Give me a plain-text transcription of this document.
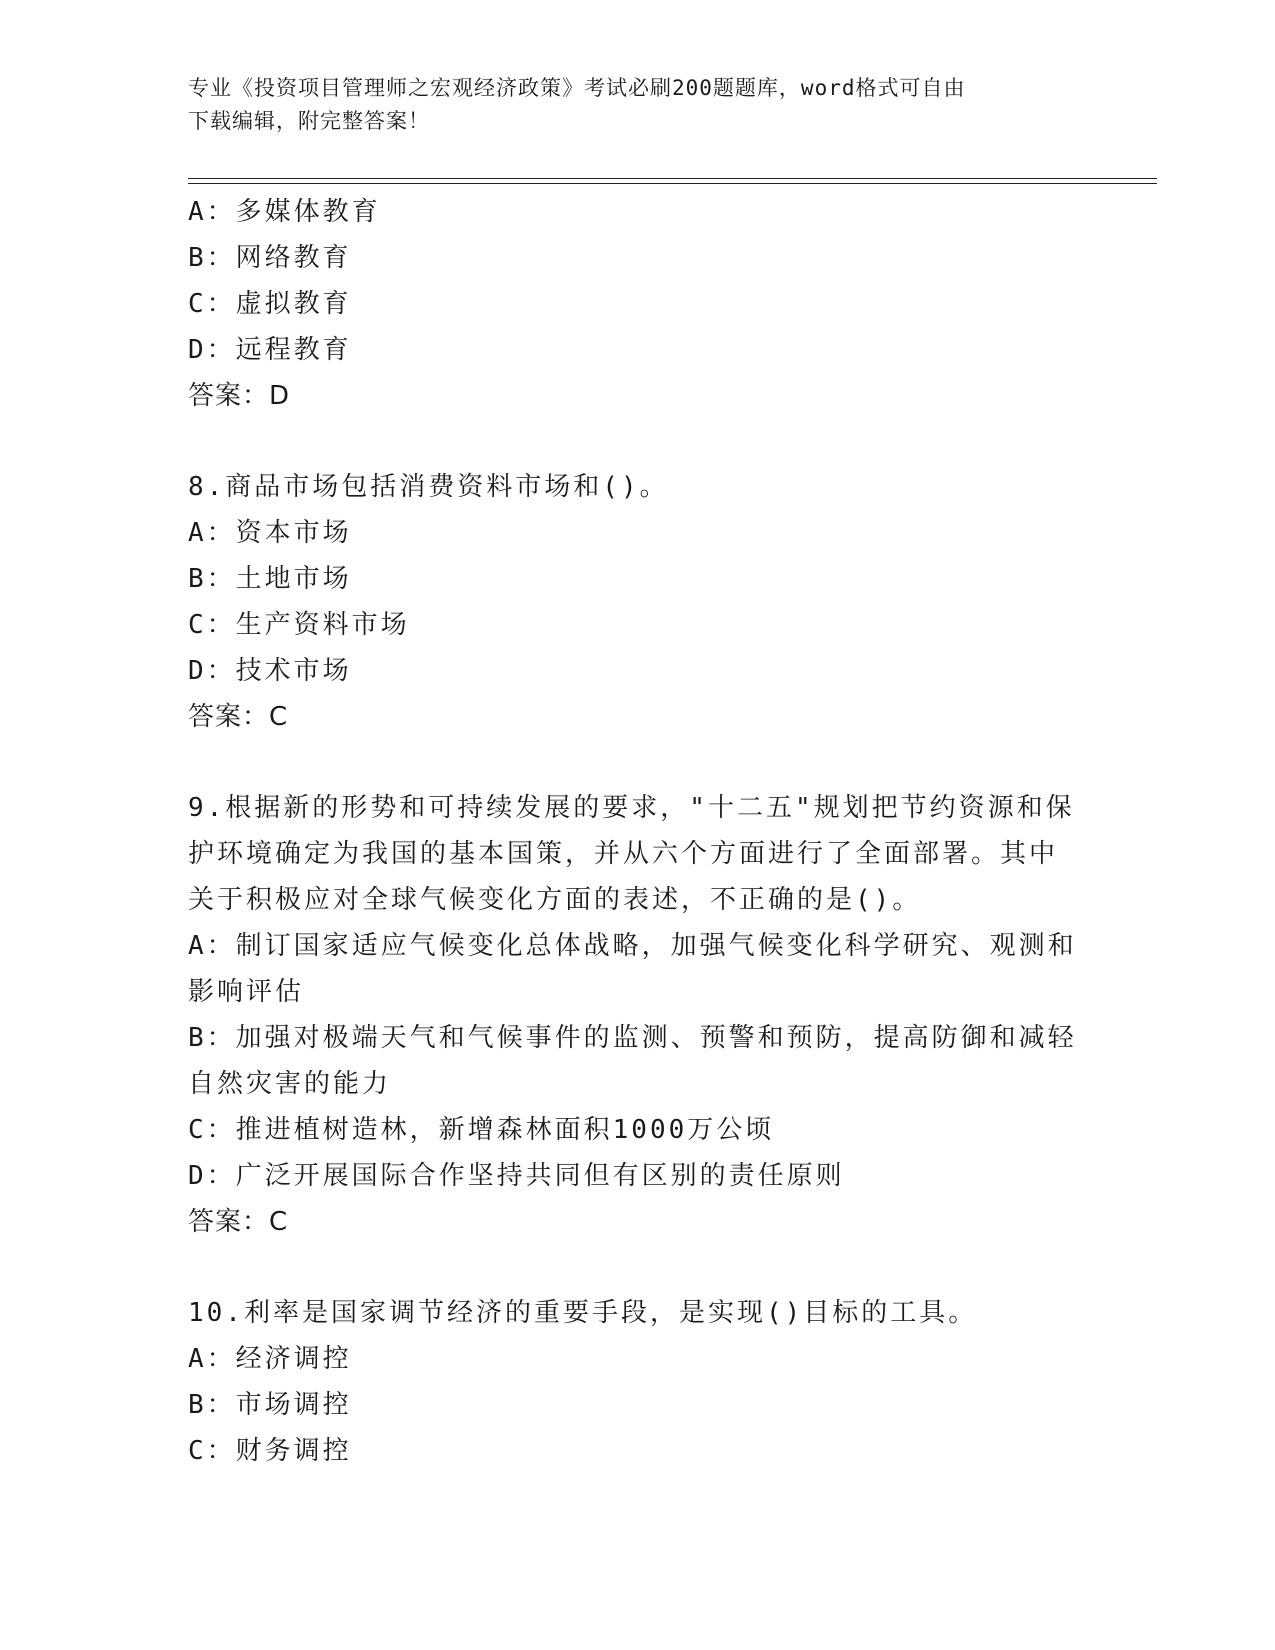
专业《投资项目管理师之宏观经济政策》考试必刷200题题库，word格式可自由
下载编辑，附完整答案！
A：多媒体教育
B：网络教育
C：虚拟教育
D：远程教育
答案：D
8.商品市场包括消费资料市场和()。
A：资本市场
B：土地市场
C：生产资料市场
D：技术市场
答案：C
9.根据新的形势和可持续发展的要求，"十二五"规划把节约资源和保
护环境确定为我国的基本国策，并从六个方面进行了全面部署。其中
关于积极应对全球气候变化方面的表述，不正确的是()。
A：制订国家适应气候变化总体战略，加强气候变化科学研究、观测和
影响评估
B：加强对极端天气和气候事件的监测、预警和预防，提高防御和减轻
自然灾害的能力
C：推进植树造林，新增森林面积1000万公顷
D：广泛开展国际合作坚持共同但有区别的责任原则
答案：C
10.利率是国家调节经济的重要手段，是实现()目标的工具。
A：经济调控
B：市场调控
C：财务调控
